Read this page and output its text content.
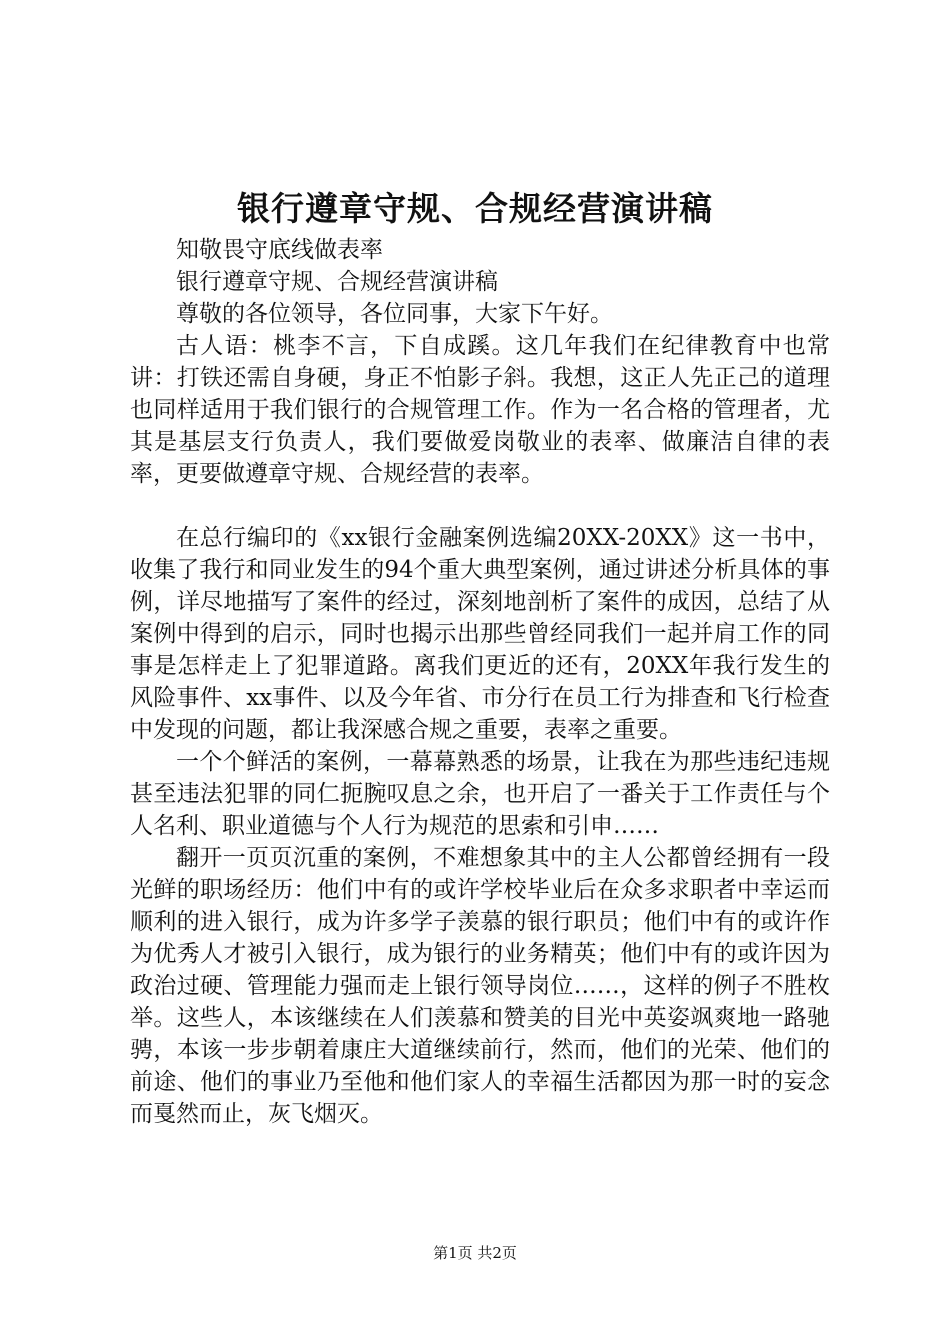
银行遵章守规、合规经营演讲稿

知敬畏守底线做表率

银行遵章守规、合规经营演讲稿

尊敬的各位领导，各位同事，大家下午好。

古人语：桃李不言，下自成蹊。这几年我们在纪律教育中也常讲：打铁还需自身硬，身正不怕影子斜。我想，这正人先正己的道理也同样适用于我们银行的合规管理工作。作为一名合格的管理者，尤其是基层支行负责人，我们要做爱岗敬业的表率、做廉洁自律的表率，更要做遵章守规、合规经营的表率。

在总行编印的《xx银行金融案例选编20XX-20XX》这一书中，收集了我行和同业发生的94个重大典型案例，通过讲述分析具体的事例，详尽地描写了案件的经过，深刻地剖析了案件的成因，总结了从案例中得到的启示，同时也揭示出那些曾经同我们一起并肩工作的同事是怎样走上了犯罪道路。离我们更近的还有，20XX年我行发生的风险事件、xx事件、以及今年省、市分行在员工行为排查和飞行检查中发现的问题，都让我深感合规之重要，表率之重要。

一个个鲜活的案例，一幕幕熟悉的场景，让我在为那些违纪违规甚至违法犯罪的同仁扼腕叹息之余，也开启了一番关于工作责任与个人名利、职业道德与个人行为规范的思索和引申……

翻开一页页沉重的案例，不难想象其中的主人公都曾经拥有一段光鲜的职场经历：他们中有的或许学校毕业后在众多求职者中幸运而顺利的进入银行，成为许多学子羡慕的银行职员；他们中有的或许作为优秀人才被引入银行，成为银行的业务精英；他们中有的或许因为政治过硬、管理能力强而走上银行领导岗位……，这样的例子不胜枚举。这些人，本该继续在人们羡慕和赞美的目光中英姿飒爽地一路驰骋，本该一步步朝着康庄大道继续前行，然而，他们的光荣、他们的前途、他们的事业乃至他和他们家人的幸福生活都因为那一时的妄念而戛然而止，灰飞烟灭。

第1页 共2页
